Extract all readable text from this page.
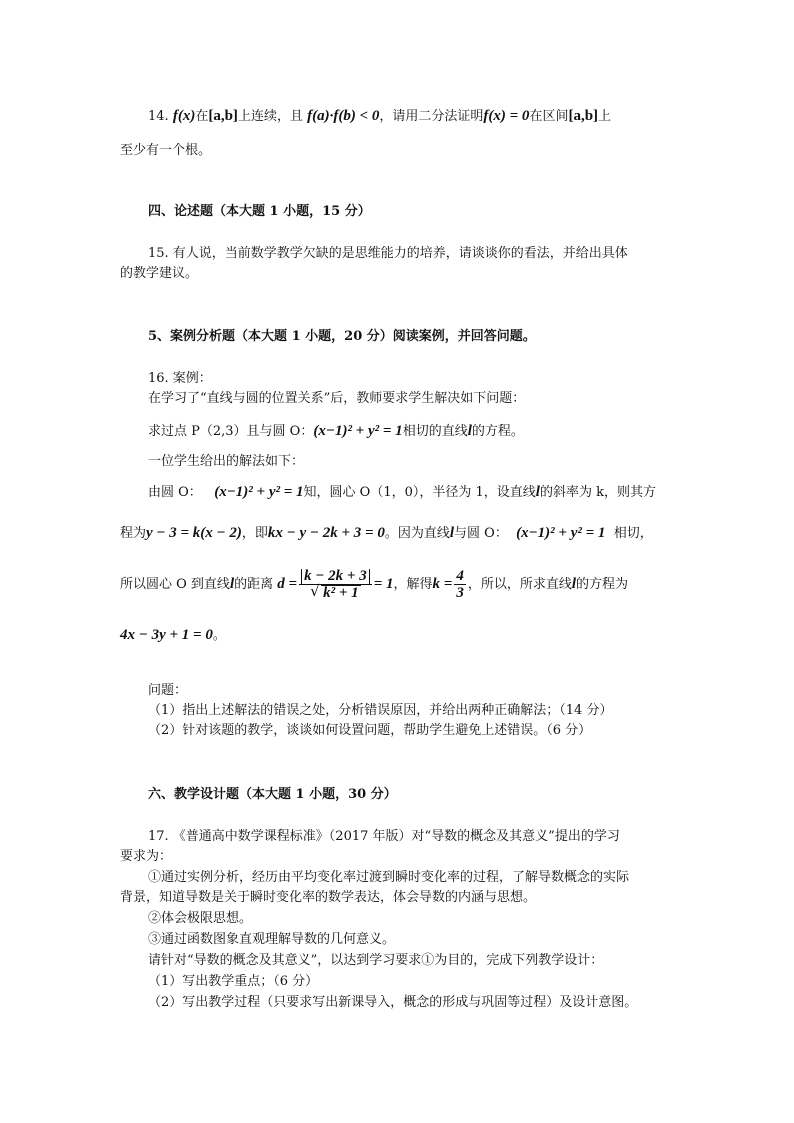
14. f(x)在[a,b]上连续，且 f(a)·f(b) < 0，请用二分法证明f(x) = 0在区间[a,b]上
至少有一个根。
四、论述题（本大题 1 小题，15 分）
15. 有人说，当前数学教学欠缺的是思维能力的培养，请谈谈你的看法，并给出具体
的教学建议。
5、案例分析题（本大题 1 小题，20 分）阅读案例，并回答问题。
16. 案例：
在学习了“直线与圆的位置关系”后，教师要求学生解决如下问题：
求过点 P（2,3）且与圆 O：(x−1)² + y² = 1相切的直线l的方程。
一位学生给出的解法如下：
由圆 O： (x−1)² + y² = 1知，圆心 O（1，0），半径为 1，设直线l的斜率为 k，则其方
程为y − 3 = k(x − 2)，即kx − y − 2k + 3 = 0。因为直线l与圆 O： (x−1)² + y² = 1 相切，
所以圆心 O 到直线l的距离 $d = \frac{k - 2k + 3}{\text{√ k² + 1}} = 1$，解得$k = \frac{4}{3}$ ，所以，所求直线l的方程为
4x − 3y + 1 = 0。
问题：
（1）指出上述解法的错误之处，分析错误原因，并给出两种正确解法；（14 分）
（2）针对该题的教学，谈谈如何设置问题，帮助学生避免上述错误。（6 分）
六、教学设计题（本大题 1 小题，30 分）
17. 《普通高中数学课程标准》（2017 年版）对“导数的概念及其意义”提出的学习
要求为：
①通过实例分析，经历由平均变化率过渡到瞬时变化率的过程，了解导数概念的实际
背景，知道导数是关于瞬时变化率的数学表达，体会导数的内涵与思想。
②体会极限思想。
③通过函数图象直观理解导数的几何意义。
请针对“导数的概念及其意义”，以达到学习要求①为目的，完成下列教学设计：
（1）写出教学重点；（6 分）
（2）写出教学过程（只要求写出新课导入，概念的形成与巩固等过程）及设计意图。
